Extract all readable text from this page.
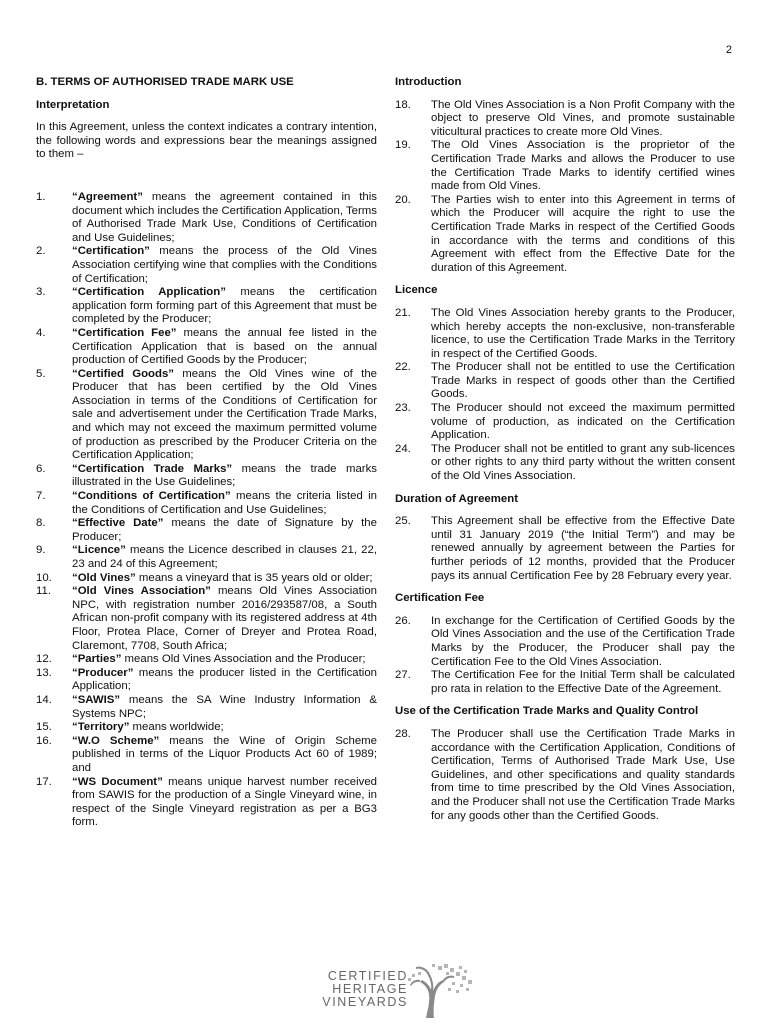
2
B. TERMS OF AUTHORISED TRADE MARK USE
Interpretation

In this Agreement, unless the context indicates a contrary intention, the following words and expressions bear the meanings assigned to them –

1.	“Agreement” means the agreement contained in this document which includes the Certification Application, Terms of Authorised Trade Mark Use, Conditions of Certification and Use Guidelines;
2.	“Certification” means the process of the Old Vines Association certifying wine that complies with the Conditions of Certification;
3.	“Certification Application” means the certification application form forming part of this Agreement that must be completed by the Producer;
4.	“Certification Fee” means the annual fee listed in the Certification Application that is based on the annual production of Certified Goods by the Producer;
5.	“Certified Goods” means the Old Vines wine of the Producer that has been certified by the Old Vines Association in terms of the Conditions of Certification for sale and advertisement under the Certification Trade Marks, and which may not exceed the maximum permitted volume of production as prescribed by the Producer Criteria on the Certification Application;
6.	“Certification Trade Marks” means the trade marks illustrated in the Use Guidelines;
7.	“Conditions of Certification” means the criteria listed in the Conditions of Certification and Use Guidelines;
8.	“Effective Date” means the date of Signature by the Producer;
9.	“Licence” means the Licence described in clauses 21, 22, 23 and 24 of this Agreement;
10.	“Old Vines” means a vineyard that is 35 years old or older;
11.	“Old Vines Association” means Old Vines Association NPC, with registration number 2016/293587/08, a South African non-profit company with its registered address at 4th Floor, Protea Place, Corner of Dreyer and Protea Road, Claremont, 7708, South Africa;
12.	“Parties” means Old Vines Association and the Producer;
13.	“Producer” means the producer listed in the Certification Application;
14.	“SAWIS” means the SA Wine Industry Information & Systems NPC;
15.	“Territory” means worldwide;
16.	“W.O Scheme” means the Wine of Origin Scheme published in terms of the Liquor Products Act 60 of 1989; and
17.	“WS Document” means unique harvest number received from SAWIS for the production of a Single Vineyard wine, in respect of the Single Vineyard registration as per a BG3 form.
Introduction
18.	The Old Vines Association is a Non Profit Company with the object to preserve Old Vines, and promote sustainable viticultural practices to create more Old Vines.
19.	The Old Vines Association is the proprietor of the Certification Trade Marks and allows the Producer to use the Certification Trade Marks to identify certified wines made from Old Vines.
20.	The Parties wish to enter into this Agreement in terms of which the Producer will acquire the right to use the Certification Trade Marks in respect of the Certified Goods in accordance with the terms and conditions of this Agreement with effect from the Effective Date for the duration of this Agreement.
Licence
21.	The Old Vines Association hereby grants to the Producer, which hereby accepts the non-exclusive, non-transferable licence, to use the Certification Trade Marks in the Territory in respect of the Certified Goods.
22.	The Producer shall not be entitled to use the Certification Trade Marks in respect of goods other than the Certified Goods.
23.	The Producer should not exceed the maximum permitted volume of production, as indicated on the Certification Application.
24.	The Producer shall not be entitled to grant any sub-licences or other rights to any third party without the written consent of the Old Vines Association.
Duration of Agreement
25.	This Agreement shall be effective from the Effective Date until 31 January 2019 (“the Initial Term”) and may be renewed annually by agreement between the Parties for further periods of 12 months, provided that the Producer pays its annual Certification Fee by 28 February every year.
Certification Fee
26.	In exchange for the Certification of Certified Goods by the Old Vines Association and the use of the Certification Trade Marks by the Producer, the Producer shall pay the Certification Fee to the Old Vines Association.
27.	The Certification Fee for the Initial Term shall be calculated pro rata in relation to the Effective Date of the Agreement.
Use of the Certification Trade Marks and Quality Control
28.	The Producer shall use the Certification Trade Marks in accordance with the Certification Application, Conditions of Certification, Terms of Authorised Trade Mark Use, Use Guidelines, and other specifications and quality standards from time to time prescribed by the Old Vines Association, and the Producer shall not use the Certification Trade Marks for any goods other than the Certified Goods.
CERTIFIED
HERITAGE
VINEYARDS
